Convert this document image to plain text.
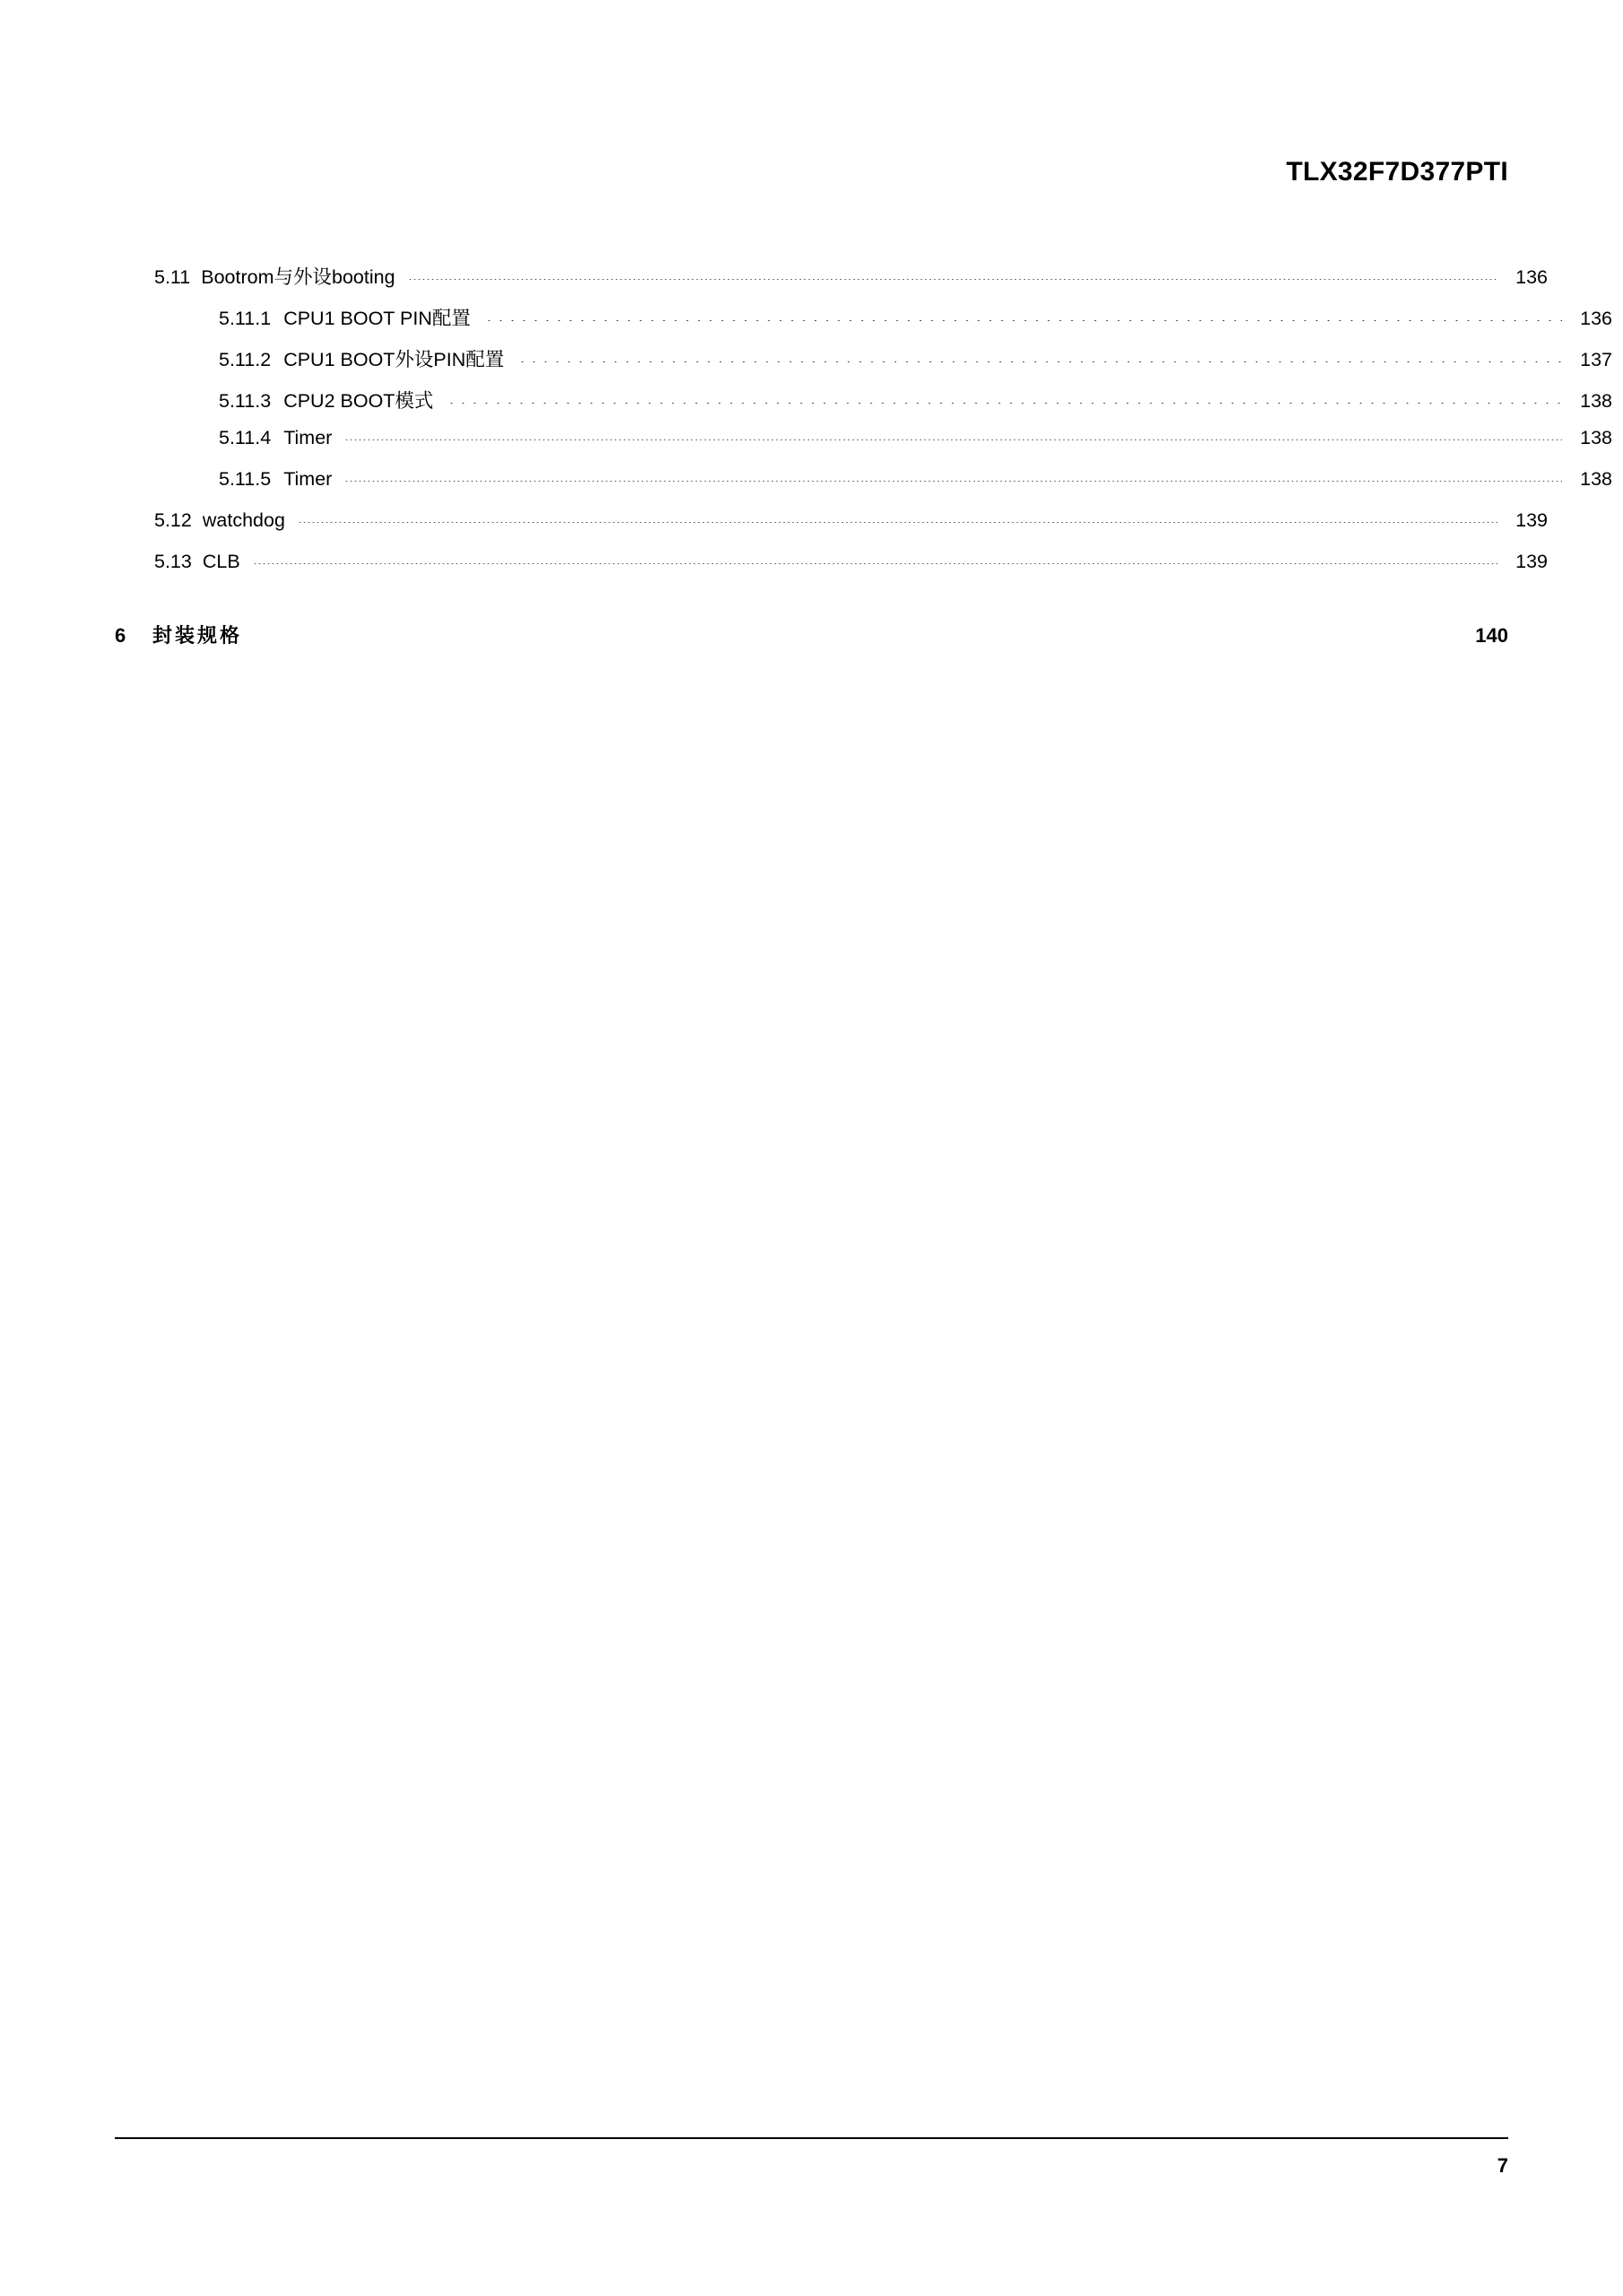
TLX32F7D377PTI
5.11 Bootrom与外设booting	136
5.11.1 CPU1 BOOT PIN配置	136
5.11.2 CPU1 BOOT外设PIN配置	137
5.11.3 CPU2 BOOT模式	138
5.11.4 Timer	138
5.11.5 Timer	138
5.12 watchdog	139
5.13 CLB	139
6	封装规格	140
7
